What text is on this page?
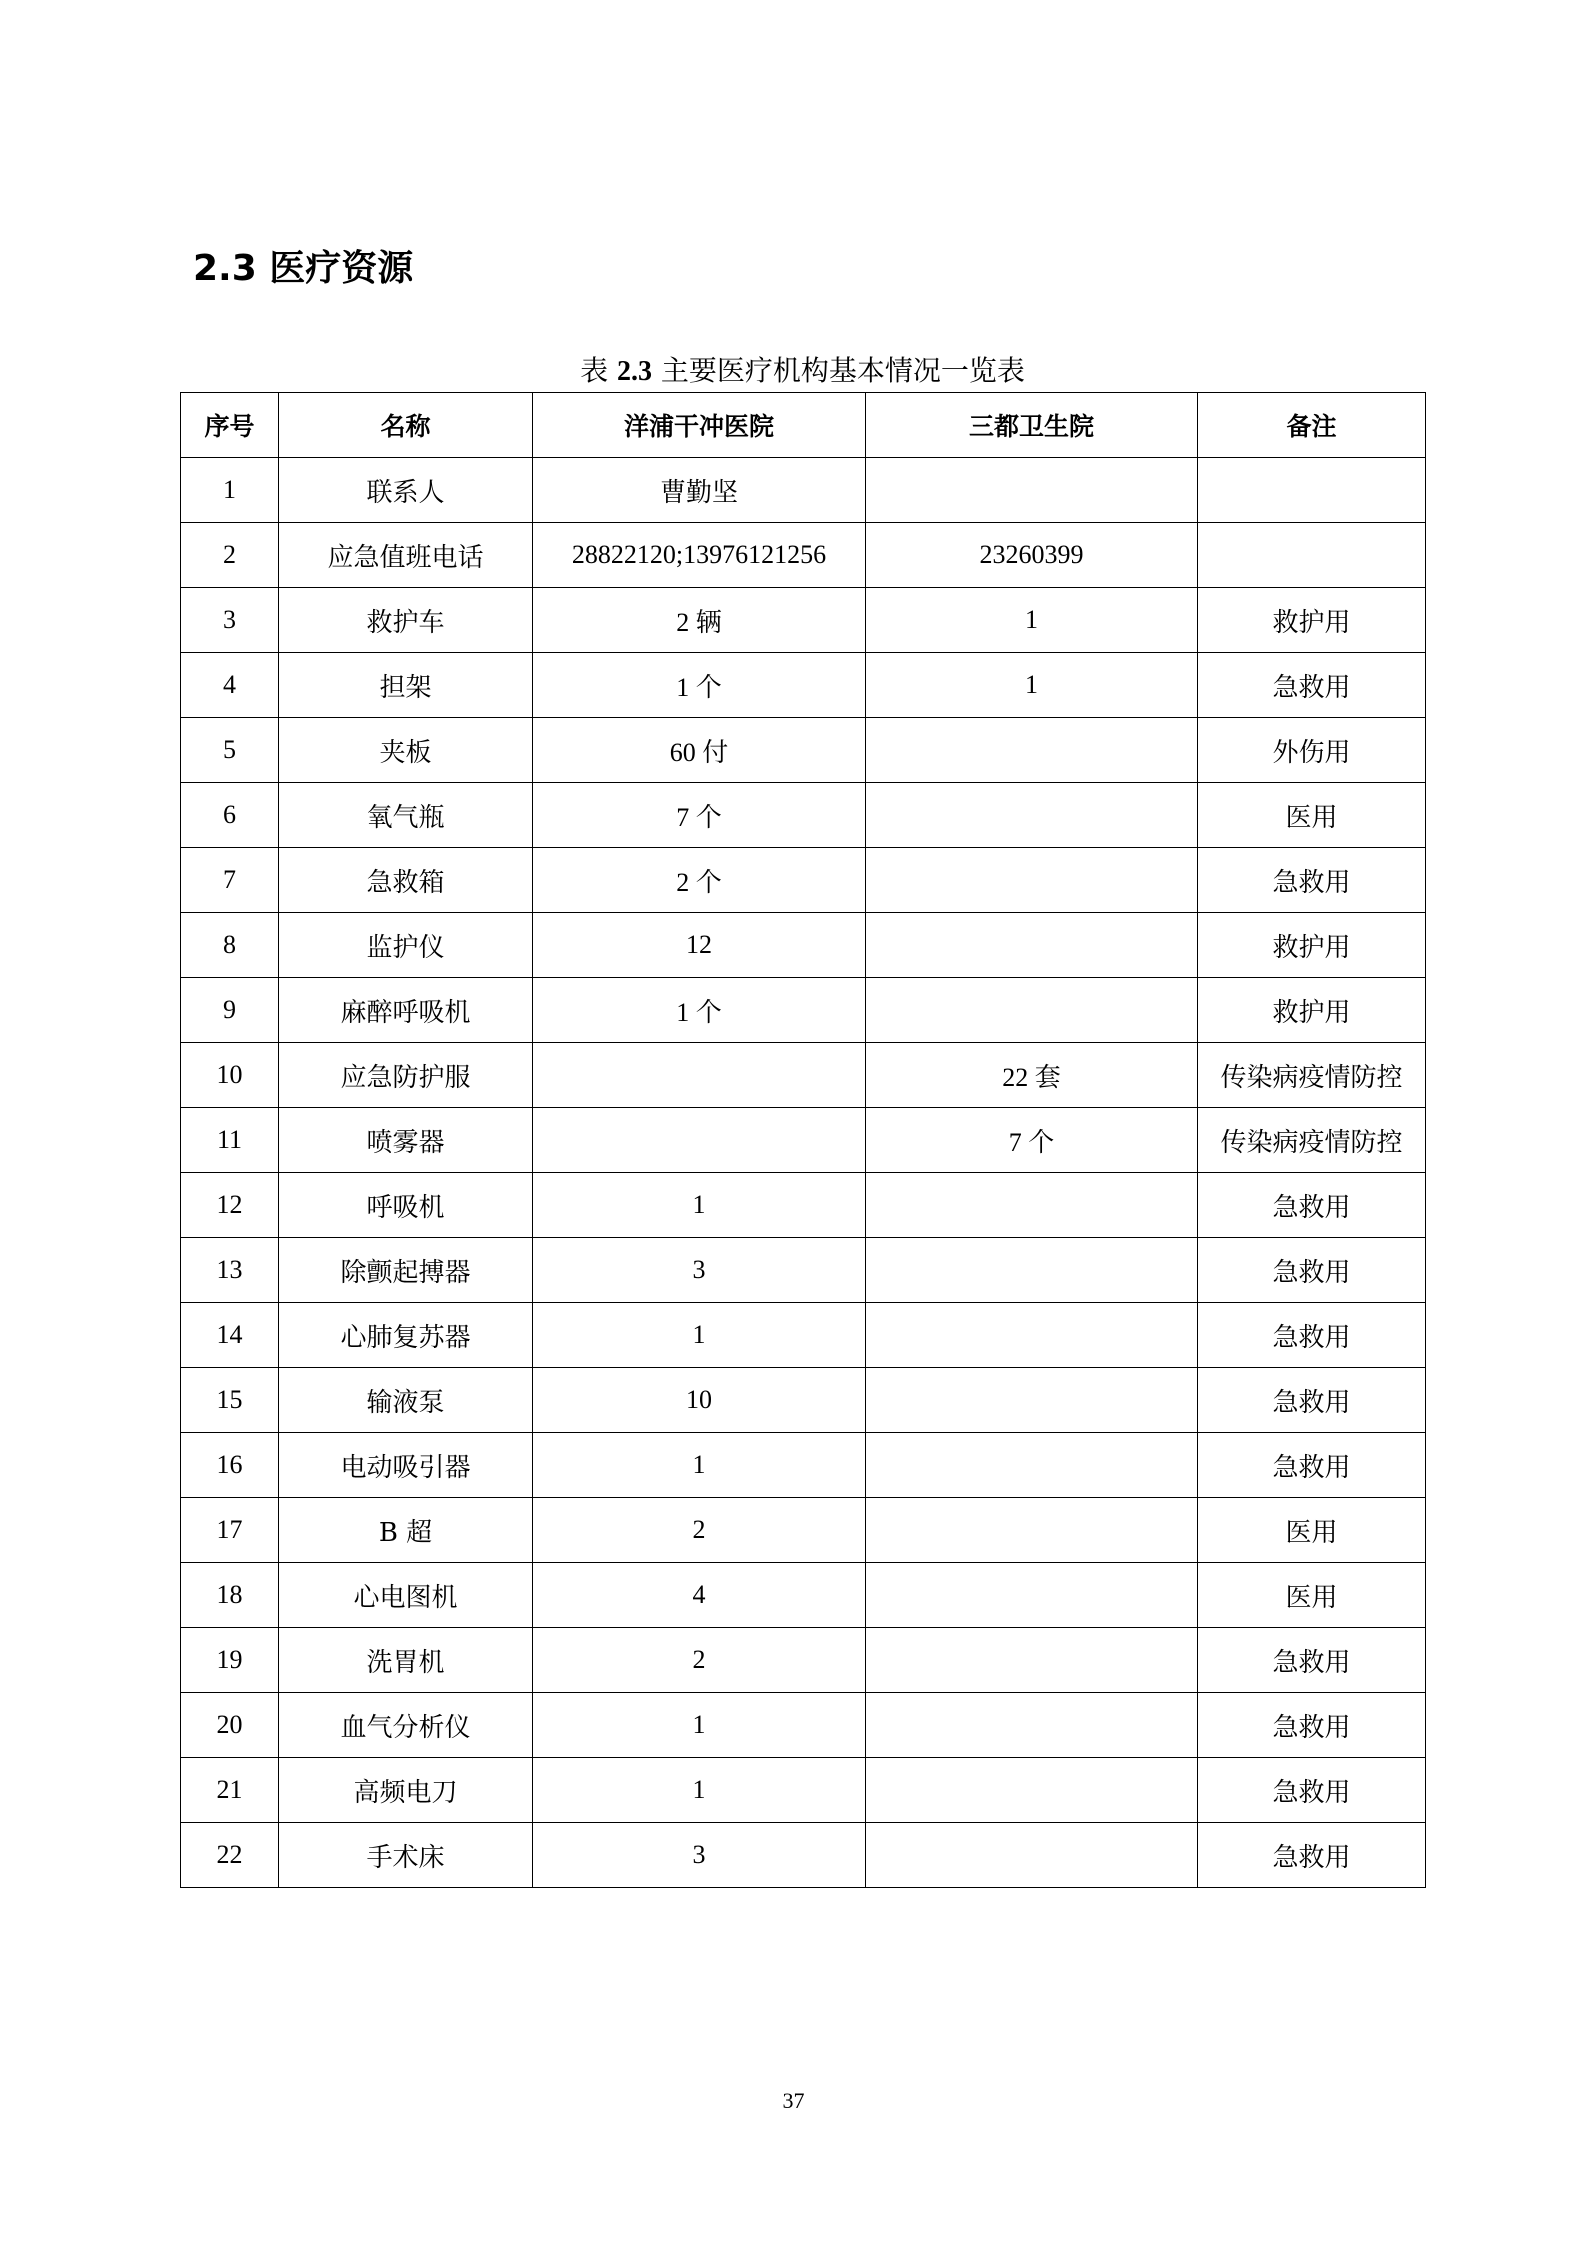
2.3 医疗资源
表 2.3 主要医疗机构基本情况一览表
序号	名称	洋浦干冲医院	三都卫生院	备注
1	联系人	曹勤坚		
2	应急值班电话	28822120;13976121256	23260399	
3	救护车	2 辆	1	救护用
4	担架	1 个	1	急救用
5	夹板	60 付		外伤用
6	氧气瓶	7 个		医用
7	急救箱	2 个		急救用
8	监护仪	12		救护用
9	麻醉呼吸机	1 个		救护用
10	应急防护服		22 套	传染病疫情防控
11	喷雾器		7 个	传染病疫情防控
12	呼吸机	1		急救用
13	除颤起搏器	3		急救用
14	心肺复苏器	1		急救用
15	输液泵	10		急救用
16	电动吸引器	1		急救用
17	B 超	2		医用
18	心电图机	4		医用
19	洗胃机	2		急救用
20	血气分析仪	1		急救用
21	高频电刀	1		急救用
22	手术床	3		急救用
37
